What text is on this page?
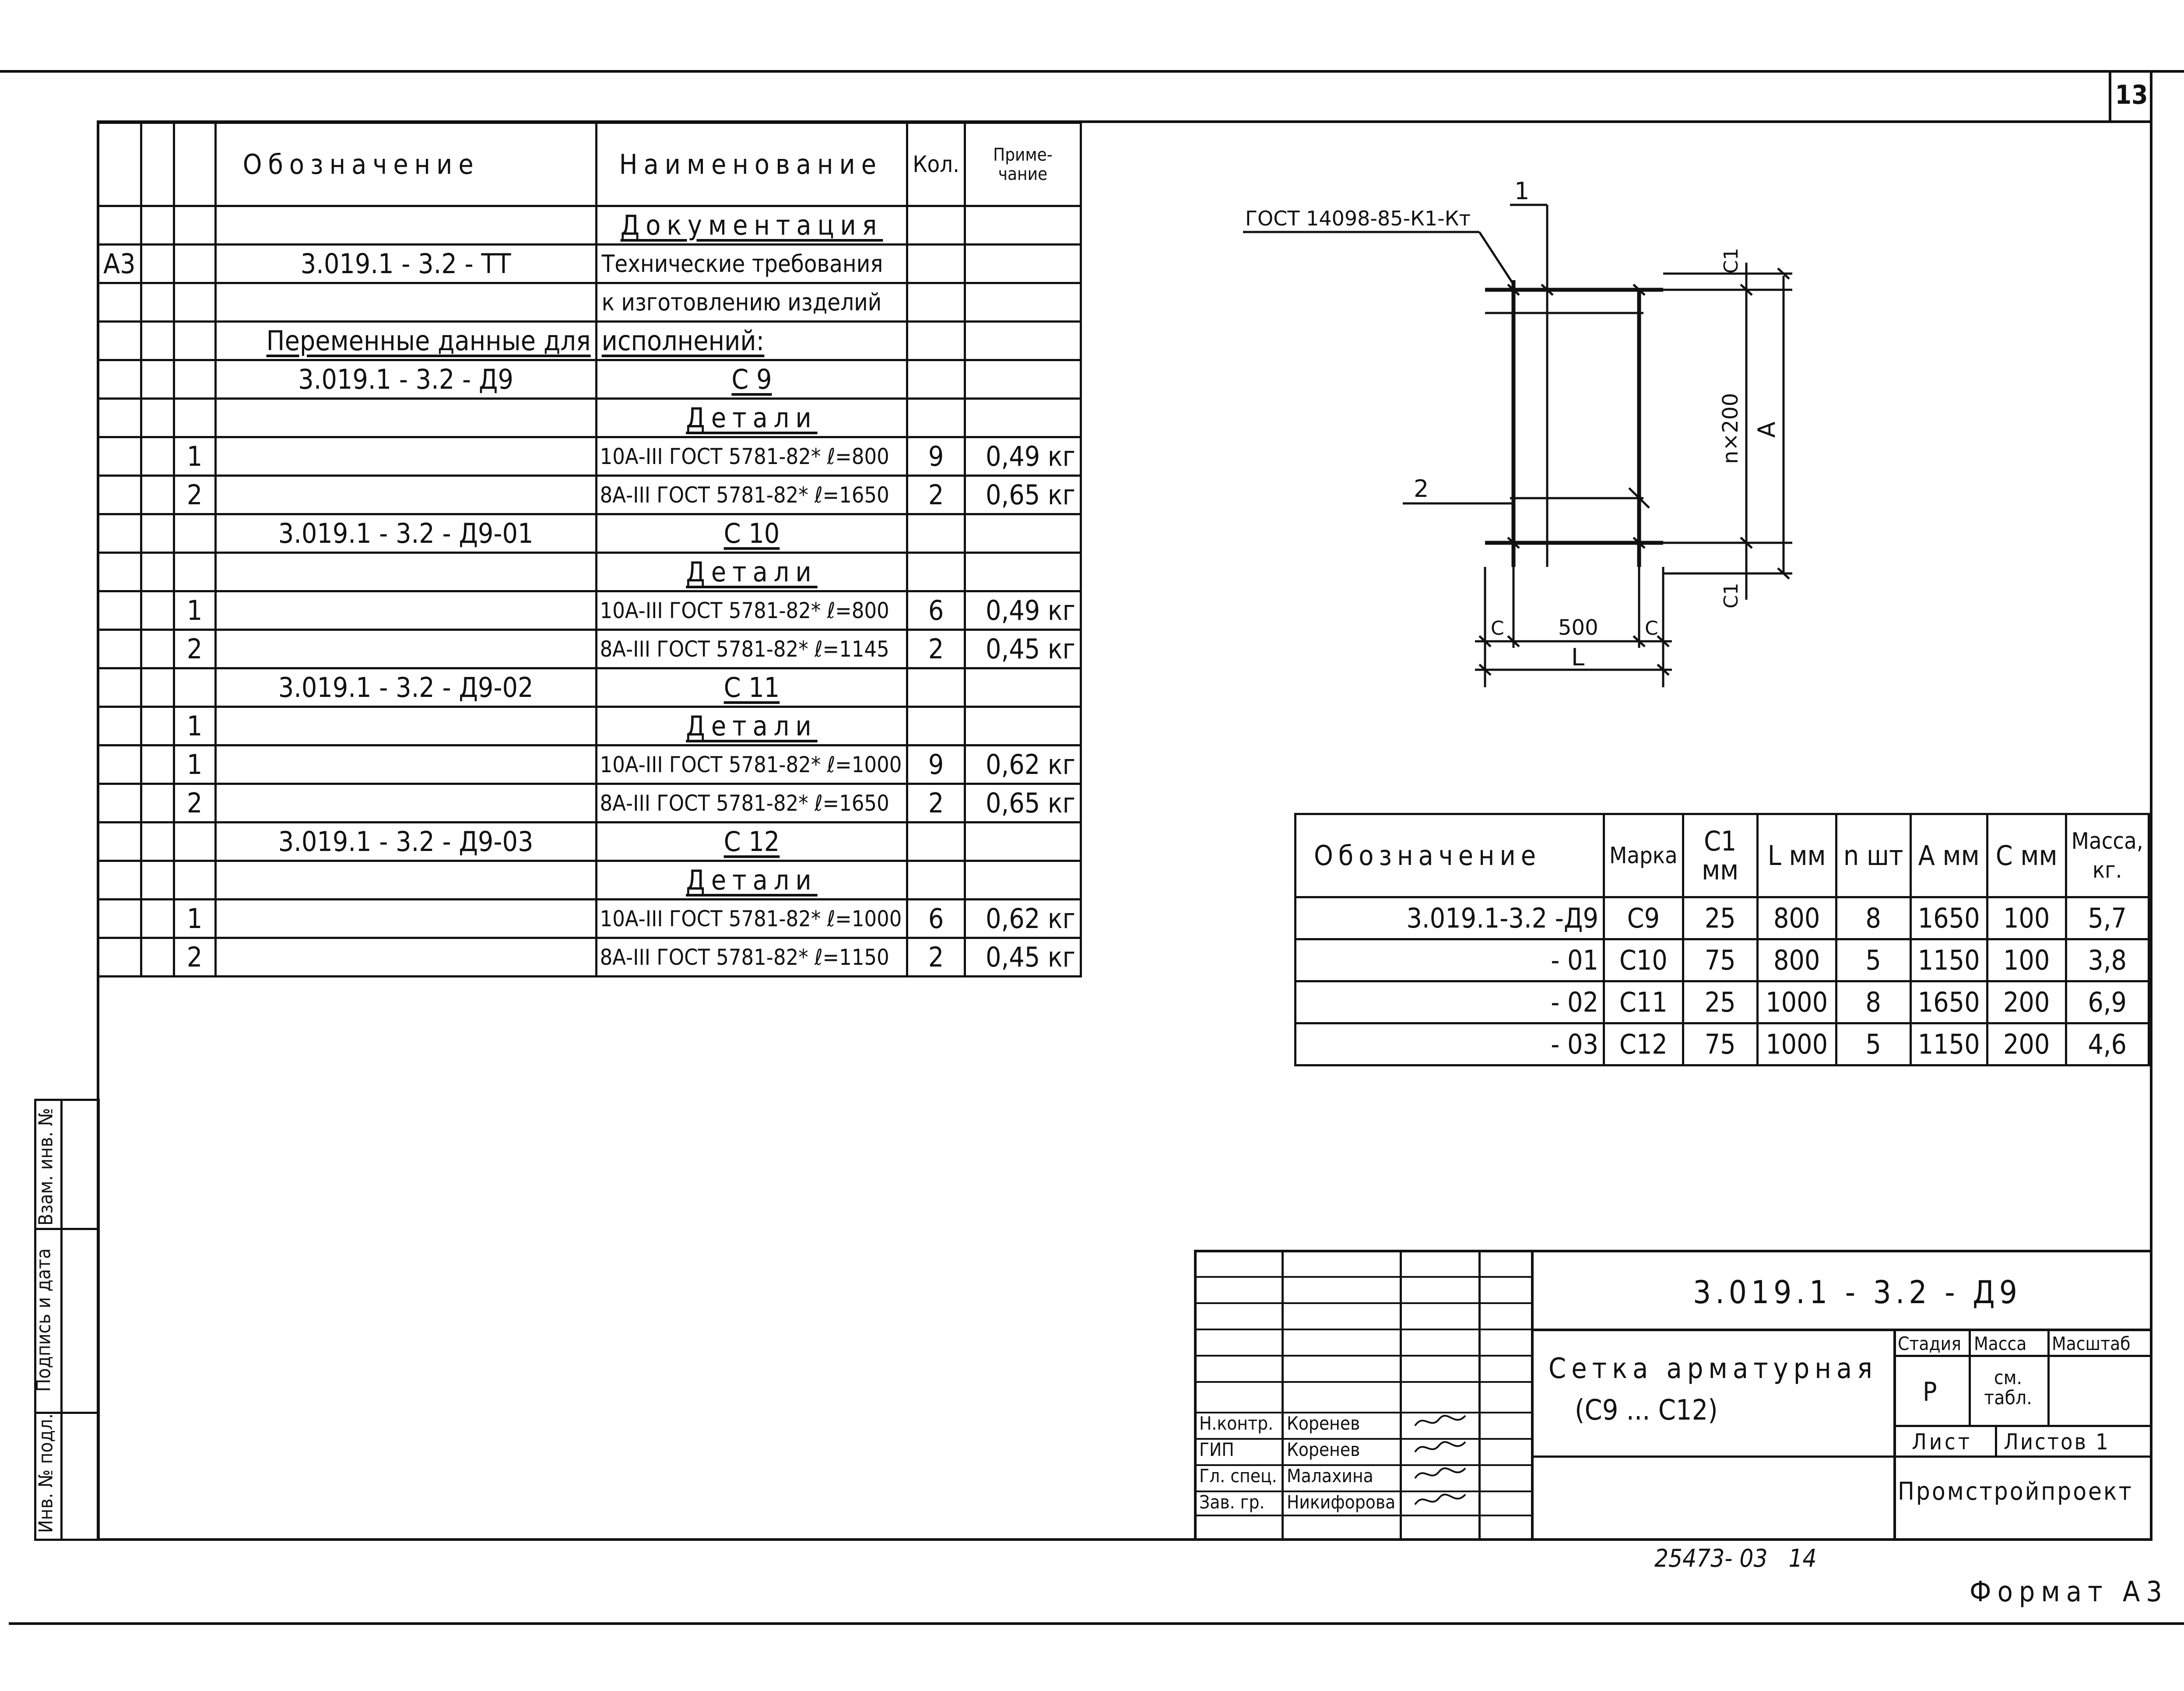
13
Инв. № подл.
Подпись и дата
Взам. инв. №
			Обозначение	Наименование	Кол.	Приме- чание
				Документация		
А3			3.019.1 - 3.2 - ТТ	Технические требования		
				к изготовлению изделий		
			Переменные данные для	исполнений:		
			3.019.1 - 3.2 - Д9	С 9		
				Детали		
		1		10А-III ГОСТ 5781-82* ℓ=800	9	0,49 кг
		2		8А-III ГОСТ 5781-82* ℓ=1650	2	0,65 кг
			3.019.1 - 3.2 - Д9-01	С 10		
				Детали		
		1		10А-III ГОСТ 5781-82* ℓ=800	6	0,49 кг
		2		8А-III ГОСТ 5781-82* ℓ=1145	2	0,45 кг
			3.019.1 - 3.2 - Д9-02	С 11		
		1		Детали		
		1		10А-III ГОСТ 5781-82* ℓ=1000	9	0,62 кг
		2		8А-III ГОСТ 5781-82* ℓ=1650	2	0,65 кг
			3.019.1 - 3.2 - Д9-03	С 12		
				Детали		
		1		10А-III ГОСТ 5781-82* ℓ=1000	6	0,62 кг
		2		8А-III ГОСТ 5781-82* ℓ=1150	2	0,45 кг
ГОСТ 14098-85-К1-Кт
1
2
500
С	С
L
С1
С1
n×200 А
Обозначение	Марка	С1 мм	L мм	n шт	А мм	С мм	Масса, кг.
3.019.1-3.2 -Д9	С9	25	800	8	1650	100	5,7
- 01	С10	75	800	5	1150	100	3,8
- 02	С11	25	1000	8	1650	200	6,9
- 03	С12	75	1000	5	1150	200	4,6
3.019.1 - 3.2 - Д9
Сетка арматурная
(С9 ... С12)
Стадия Масса Масштаб
Р	см. табл.
Лист Листов 1
Промстройпроект
Н.контр. Коренев
ГИП	Коренев
Гл. спец. Малахина
Зав. гр. Никифорова
25473- 03   14
Формат А3
